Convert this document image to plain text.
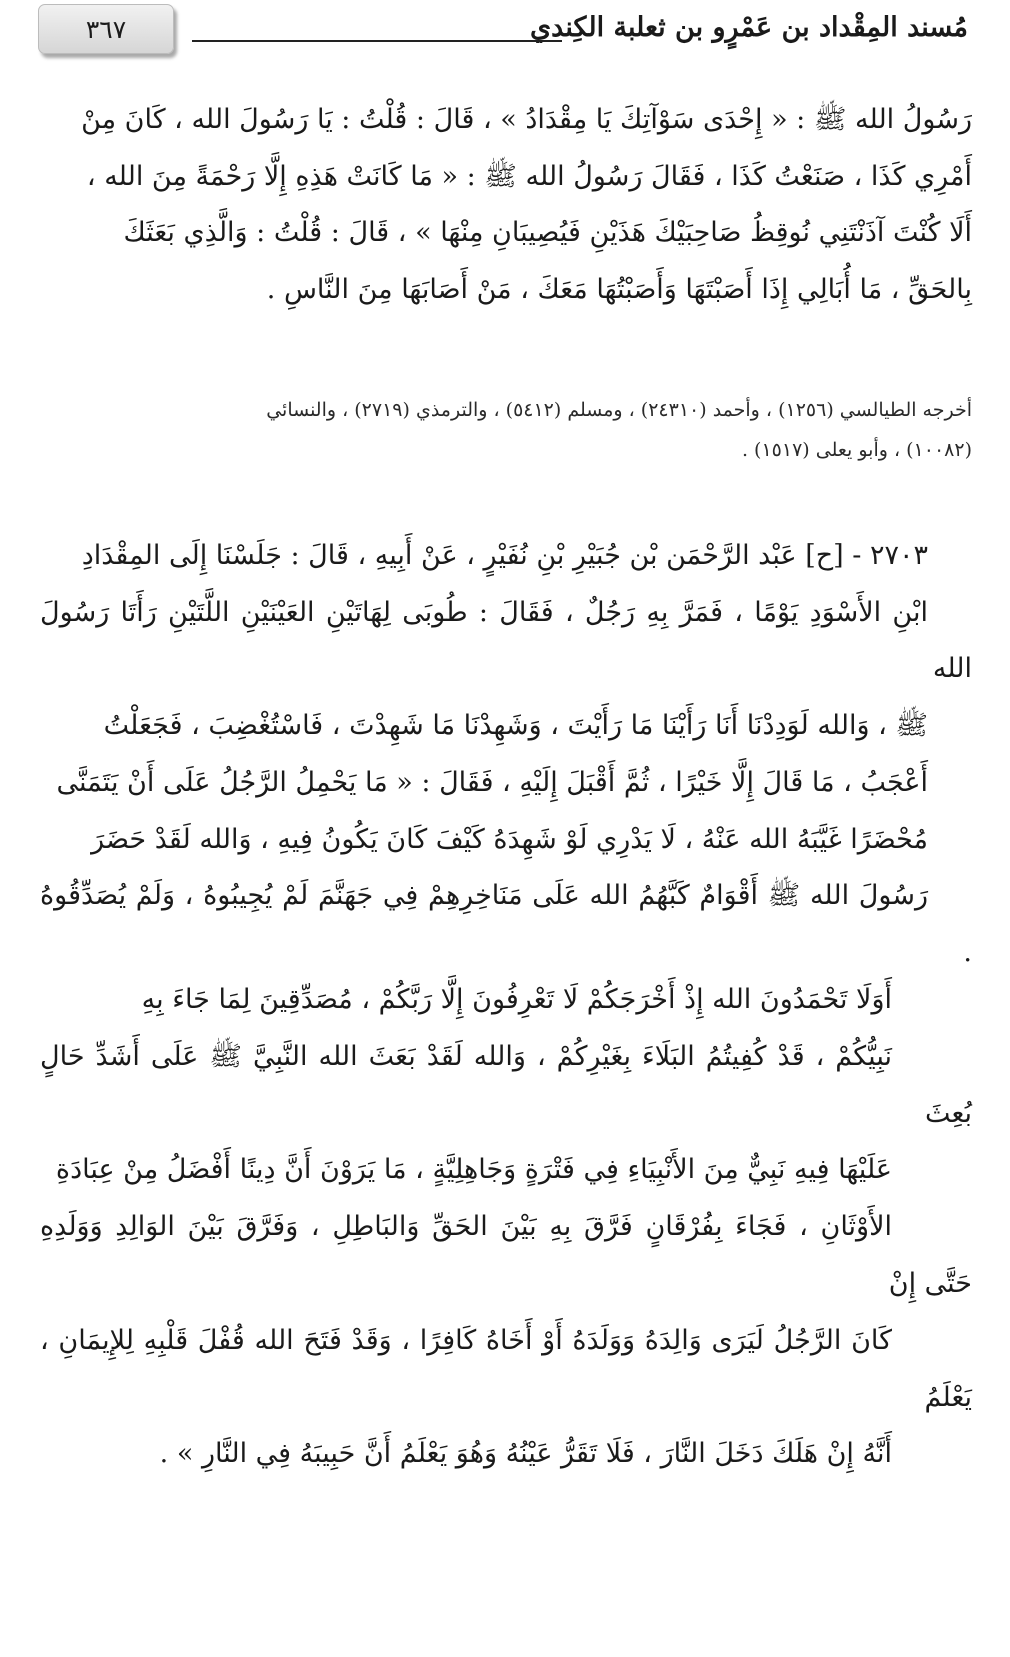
مُسند المِقْداد بن عَمْرٍو بن ثعلبة الكِندي
٣٦٧

رَسُولُ الله ﷺ : « إِحْدَى سَوْآتِكَ يَا مِقْدَادُ » ، قَالَ : قُلْتُ : يَا رَسُولَ الله ، كَانَ مِنْ
أَمْرِي كَذَا ، صَنَعْتُ كَذَا ، فَقَالَ رَسُولُ الله ﷺ : « مَا كَانَتْ هَذِهِ إِلَّا رَحْمَةً مِنَ الله ،
أَلَا كُنْتَ آذَنْتَنِي نُوقِظُ صَاحِبَيْكَ هَذَيْنِ فَيُصِيبَانِ مِنْهَا » ، قَالَ : قُلْتُ : وَالَّذِي بَعَثَكَ
بِالحَقِّ ، مَا أُبَالِي إِذَا أَصَبْتَهَا وَأَصَبْتُهَا مَعَكَ ، مَنْ أَصَابَهَا مِنَ النَّاسِ .

أخرجه الطيالسي (١٢٥٦) ، وأحمد (٢٤٣١٠) ، ومسلم (٥٤١٢) ، والترمذي (٢٧١٩) ، والنسائي
(١٠٠٨٢) ، وأبو يعلى (١٥١٧) .

٢٧٠٣ - [ح] عَبْد الرَّحْمَن بْن جُبَيْرِ بْنِ نُفَيْرٍ ، عَنْ أَبِيهِ ، قَالَ : جَلَسْنَا إِلَى المِقْدَادِ
ابْنِ الأَسْوَدِ يَوْمًا ، فَمَرَّ بِهِ رَجُلٌ ، فَقَالَ : طُوبَى لِهَاتَيْنِ العَيْنَيْنِ اللَّتَيْنِ رَأَتَا رَسُولَ الله
ﷺ ، وَالله لَوَدِدْنَا أَنَا رَأَيْنَا مَا رَأَيْتَ ، وَشَهِدْنَا مَا شَهِدْتَ ، فَاسْتُغْضِبَ ، فَجَعَلْتُ
أَعْجَبُ ، مَا قَالَ إِلَّا خَيْرًا ، ثُمَّ أَقْبَلَ إِلَيْهِ ، فَقَالَ : « مَا يَحْمِلُ الرَّجُلُ عَلَى أَنْ يَتَمَنَّى
مُحْضَرًا غَيَّبَهُ الله عَنْهُ ، لَا يَدْرِي لَوْ شَهِدَهُ كَيْفَ كَانَ يَكُونُ فِيهِ ، وَالله لَقَدْ حَضَرَ
رَسُولَ الله ﷺ أَقْوَامٌ كَبَّهُمُ الله عَلَى مَنَاخِرِهِمْ فِي جَهَنَّمَ لَمْ يُجِيبُوهُ ، وَلَمْ يُصَدِّقُوهُ .

أَوَلَا تَحْمَدُونَ الله إِذْ أَخْرَجَكُمْ لَا تَعْرِفُونَ إِلَّا رَبَّكُمْ ، مُصَدِّقِينَ لِمَا جَاءَ بِهِ
نَبِيُّكُمْ ، قَدْ كُفِيتُمُ البَلَاءَ بِغَيْرِكُمْ ، وَالله لَقَدْ بَعَثَ الله النَّبِيَّ ﷺ عَلَى أَشَدِّ حَالٍ بُعِثَ
عَلَيْهَا فِيهِ نَبِيٌّ مِنَ الأَنْبِيَاءِ فِي فَتْرَةٍ وَجَاهِلِيَّةٍ ، مَا يَرَوْنَ أَنَّ دِينًا أَفْضَلُ مِنْ عِبَادَةِ
الأَوْثَانِ ، فَجَاءَ بِفُرْقَانٍ فَرَّقَ بِهِ بَيْنَ الحَقِّ وَالبَاطِلِ ، وَفَرَّقَ بَيْنَ الوَالِدِ وَوَلَدِهِ حَتَّى إِنْ
كَانَ الرَّجُلُ لَيَرَى وَالِدَهُ وَوَلَدَهُ أَوْ أَخَاهُ كَافِرًا ، وَقَدْ فَتَحَ الله قُفْلَ قَلْبِهِ لِلإِيمَانِ ، يَعْلَمُ
أَنَّهُ إِنْ هَلَكَ دَخَلَ النَّارَ ، فَلَا تَقَرُّ عَيْنُهُ وَهُوَ يَعْلَمُ أَنَّ حَبِيبَهُ فِي النَّارِ » .
